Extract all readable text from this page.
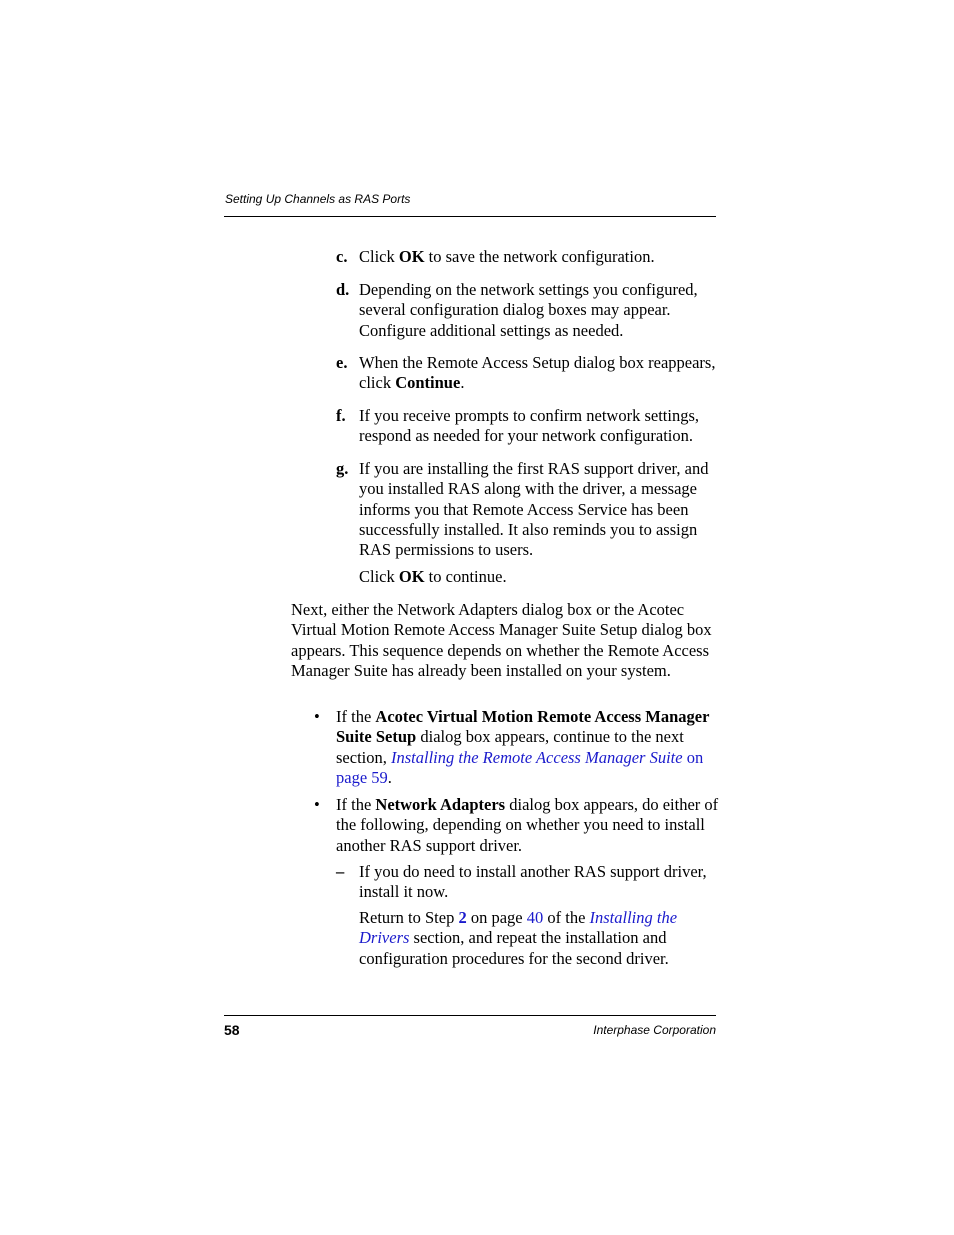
Setting Up Channels as RAS Ports
c. Click OK to save the network configuration.
d. Depending on the network settings you configured, several configuration dialog boxes may appear. Configure additional settings as needed.
e. When the Remote Access Setup dialog box reappears, click Continue.
f. If you receive prompts to confirm network settings, respond as needed for your network configuration.
g. If you are installing the first RAS support driver, and you installed RAS along with the driver, a message informs you that Remote Access Service has been successfully installed. It also reminds you to assign RAS permissions to users.
Click OK to continue.
Next, either the Network Adapters dialog box or the Acotec Virtual Motion Remote Access Manager Suite Setup dialog box appears. This sequence depends on whether the Remote Access Manager Suite has already been installed on your system.
• If the Acotec Virtual Motion Remote Access Manager Suite Setup dialog box appears, continue to the next section, Installing the Remote Access Manager Suite on page 59.
• If the Network Adapters dialog box appears, do either of the following, depending on whether you need to install another RAS support driver.
– If you do need to install another RAS support driver, install it now.
Return to Step 2 on page 40 of the Installing the Drivers section, and repeat the installation and configuration procedures for the second driver.
58	Interphase Corporation
